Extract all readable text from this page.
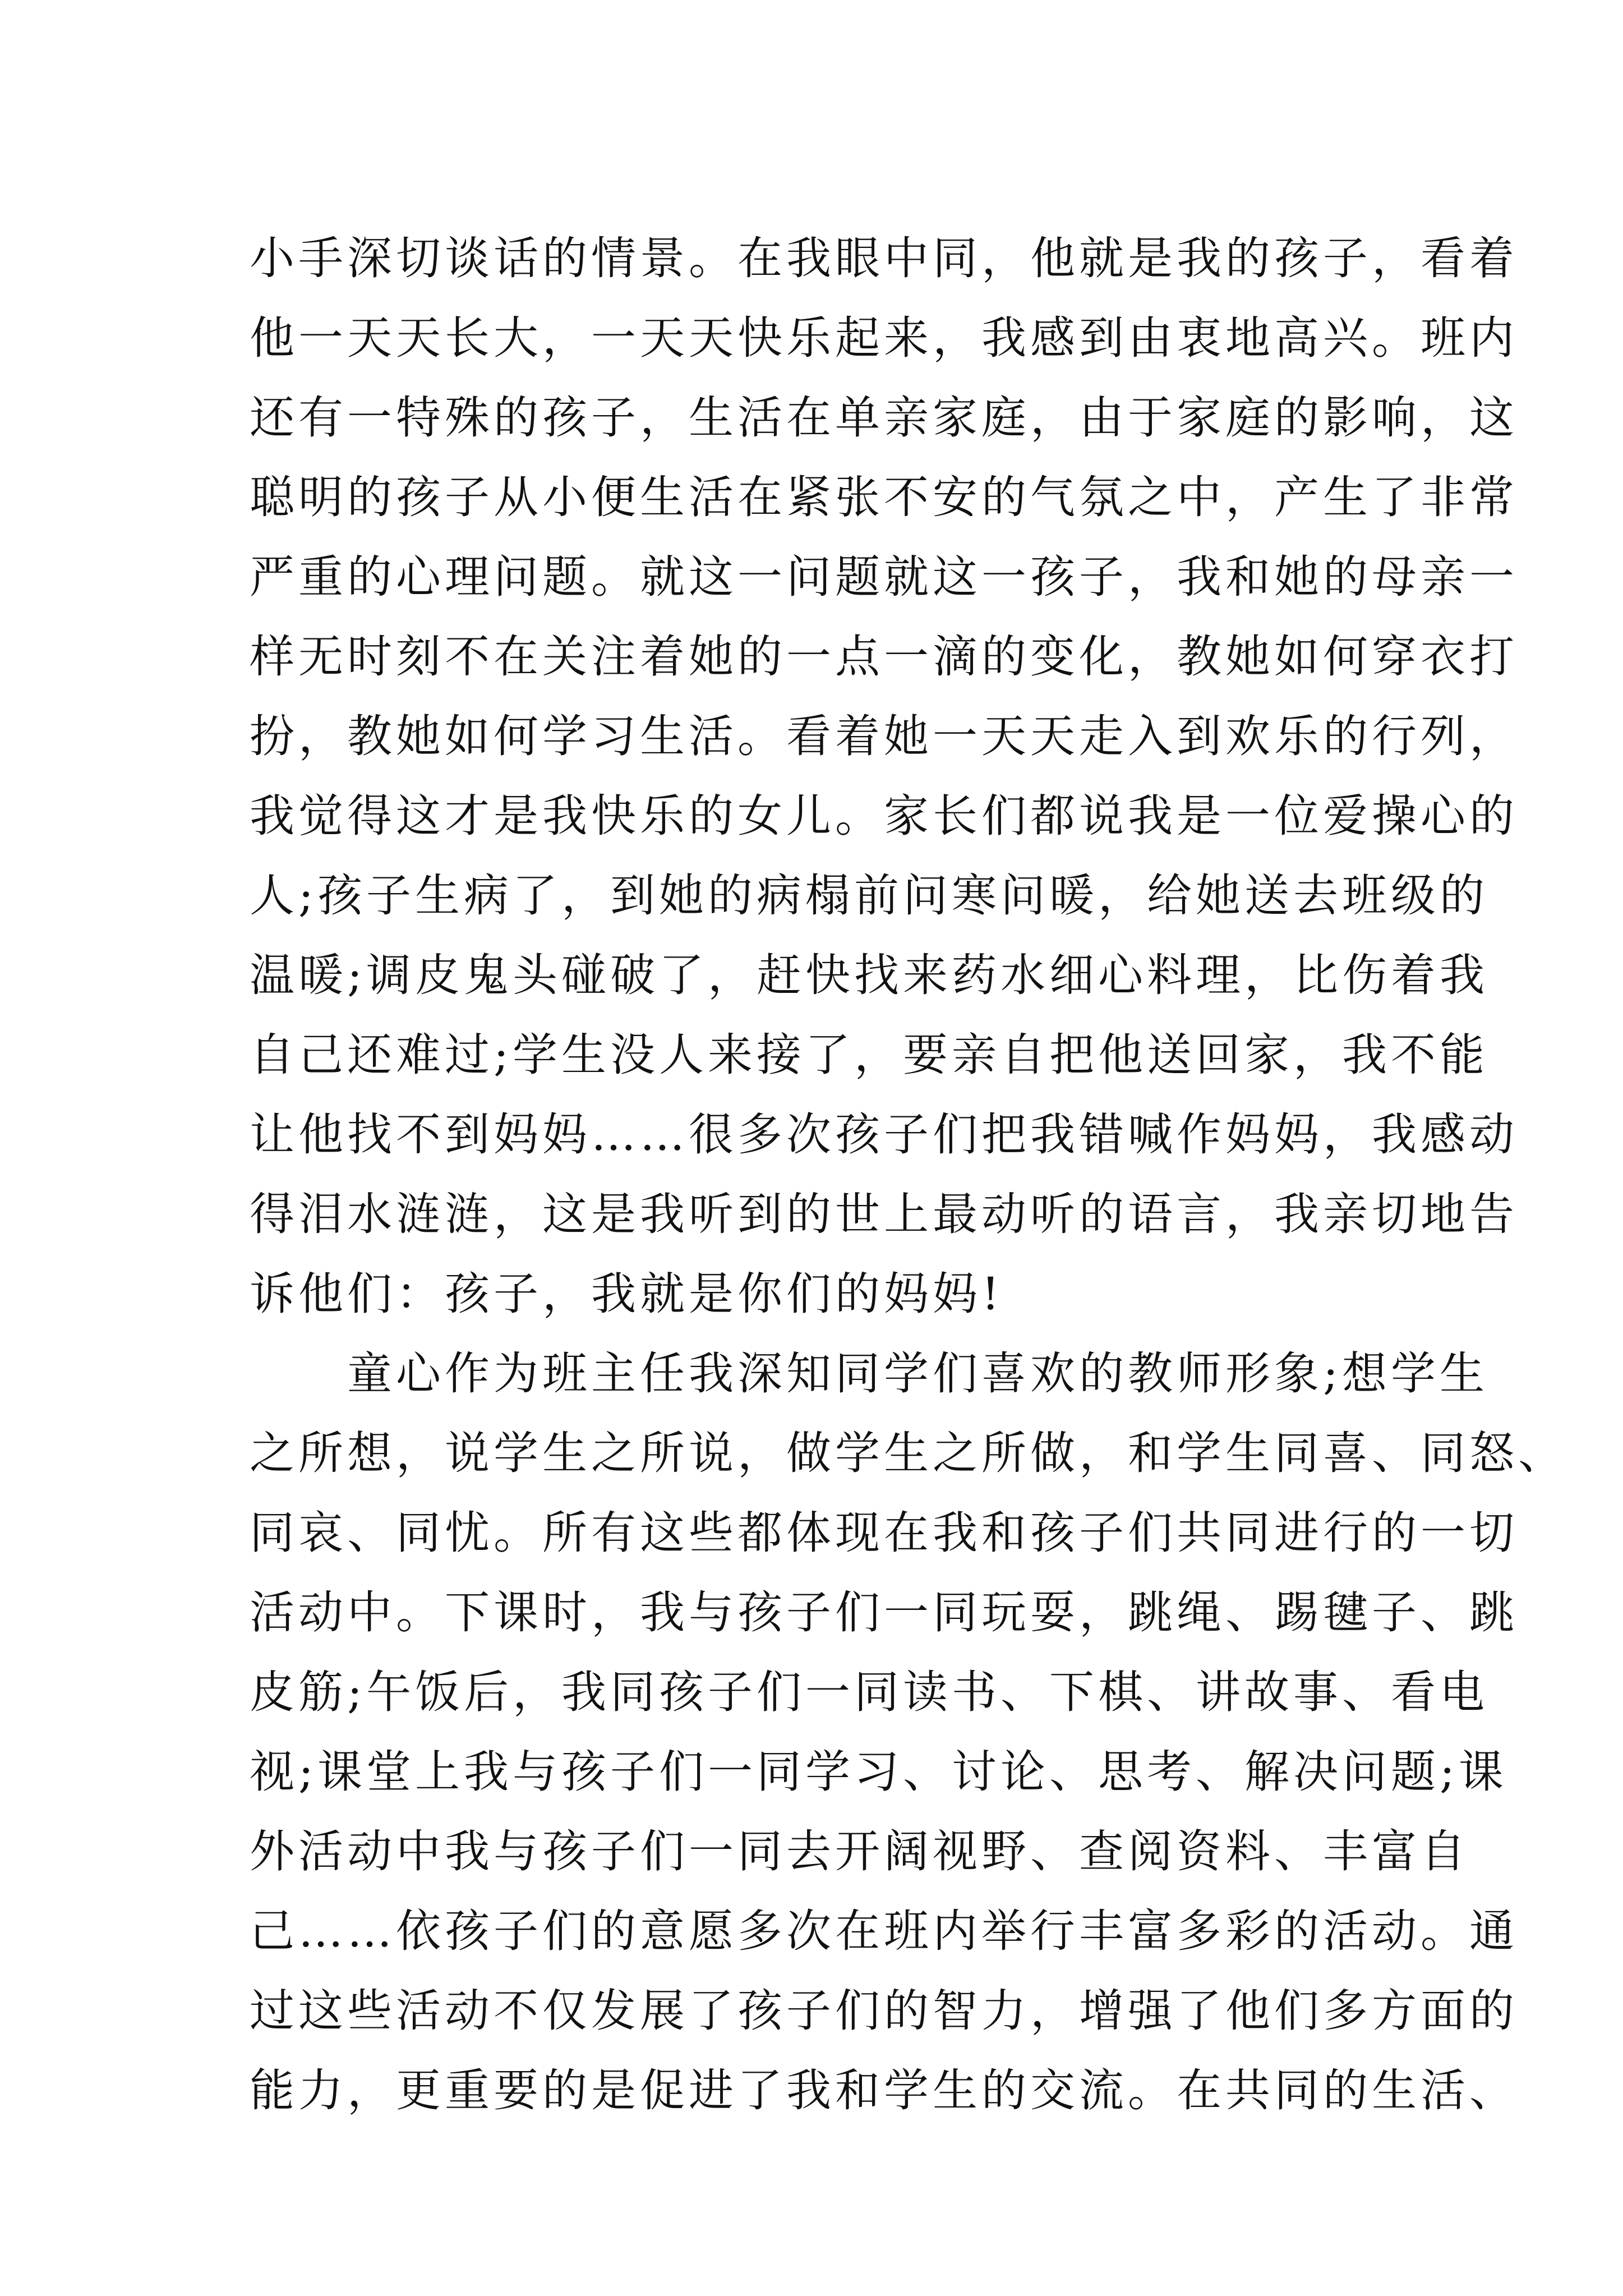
小手深切谈话的情景。在我眼中同，他就是我的孩子，看着
他一天天长大，一天天快乐起来，我感到由衷地高兴。班内
还有一特殊的孩子，生活在单亲家庭，由于家庭的影响，这
聪明的孩子从小便生活在紧张不安的气氛之中，产生了非常
严重的心理问题。就这一问题就这一孩子，我和她的母亲一
样无时刻不在关注着她的一点一滴的变化，教她如何穿衣打
扮，教她如何学习生活。看着她一天天走入到欢乐的行列，
我觉得这才是我快乐的女儿。家长们都说我是一位爱操心的
人;孩子生病了，到她的病榻前问寒问暖，给她送去班级的
温暖;调皮鬼头碰破了，赶快找来药水细心料理，比伤着我
自己还难过;学生没人来接了，要亲自把他送回家，我不能
让他找不到妈妈……很多次孩子们把我错喊作妈妈，我感动
得泪水涟涟，这是我听到的世上最动听的语言，我亲切地告
诉他们：孩子，我就是你们的妈妈!
　　童心作为班主任我深知同学们喜欢的教师形象;想学生
之所想，说学生之所说，做学生之所做，和学生同喜、同怒、
同哀、同忧。所有这些都体现在我和孩子们共同进行的一切
活动中。下课时，我与孩子们一同玩耍，跳绳、踢毽子、跳
皮筋;午饭后，我同孩子们一同读书、下棋、讲故事、看电
视;课堂上我与孩子们一同学习、讨论、思考、解决问题;课
外活动中我与孩子们一同去开阔视野、查阅资料、丰富自
己……依孩子们的意愿多次在班内举行丰富多彩的活动。通
过这些活动不仅发展了孩子们的智力，增强了他们多方面的
能力，更重要的是促进了我和学生的交流。在共同的生活、
